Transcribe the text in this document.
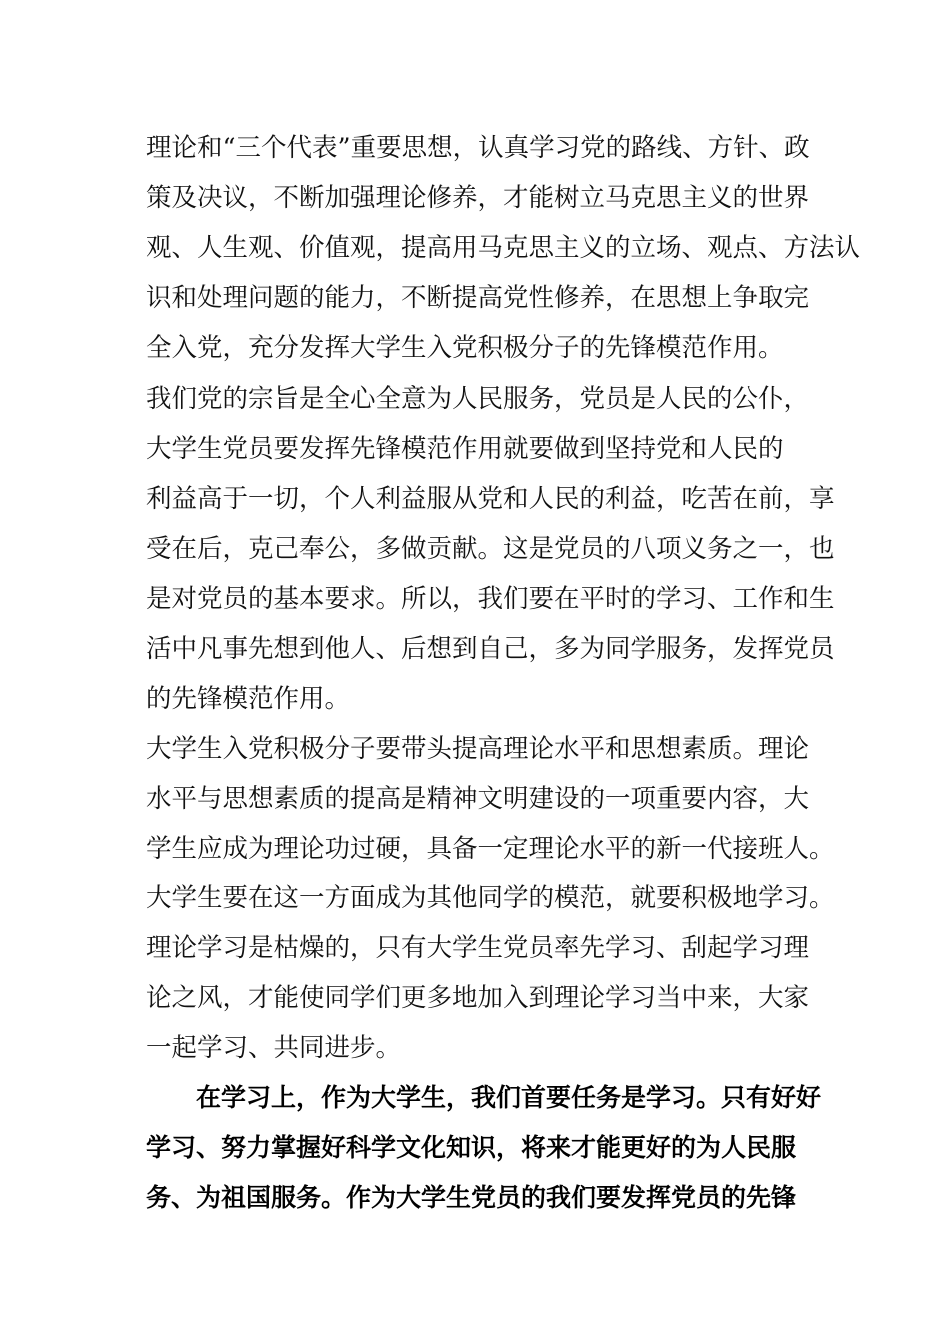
理论和“三个代表”重要思想，认真学习党的路线、方针、政

策及决议，不断加强理论修养，才能树立马克思主义的世界

观、人生观、价值观，提高用马克思主义的立场、观点、方法认

识和处理问题的能力，不断提高党性修养，在思想上争取完

全入党，充分发挥大学生入党积极分子的先锋模范作用。

我们党的宗旨是全心全意为人民服务，党员是人民的公仆，

大学生党员要发挥先锋模范作用就要做到坚持党和人民的

利益高于一切，个人利益服从党和人民的利益，吃苦在前，享

受在后，克己奉公，多做贡献。这是党员的八项义务之一，也

是对党员的基本要求。所以，我们要在平时的学习、工作和生

活中凡事先想到他人、后想到自己，多为同学服务，发挥党员

的先锋模范作用。

大学生入党积极分子要带头提高理论水平和思想素质。理论

水平与思想素质的提高是精神文明建设的一项重要内容，大

学生应成为理论功过硬，具备一定理论水平的新一代接班人。

大学生要在这一方面成为其他同学的模范，就要积极地学习。

理论学习是枯燥的，只有大学生党员率先学习、刮起学习理

论之风，才能使同学们更多地加入到理论学习当中来，大家

一起学习、共同进步。

在学习上，作为大学生，我们首要任务是学习。只有好好

学习、努力掌握好科学文化知识，将来才能更好的为人民服

务、为祖国服务。作为大学生党员的我们要发挥党员的先锋
